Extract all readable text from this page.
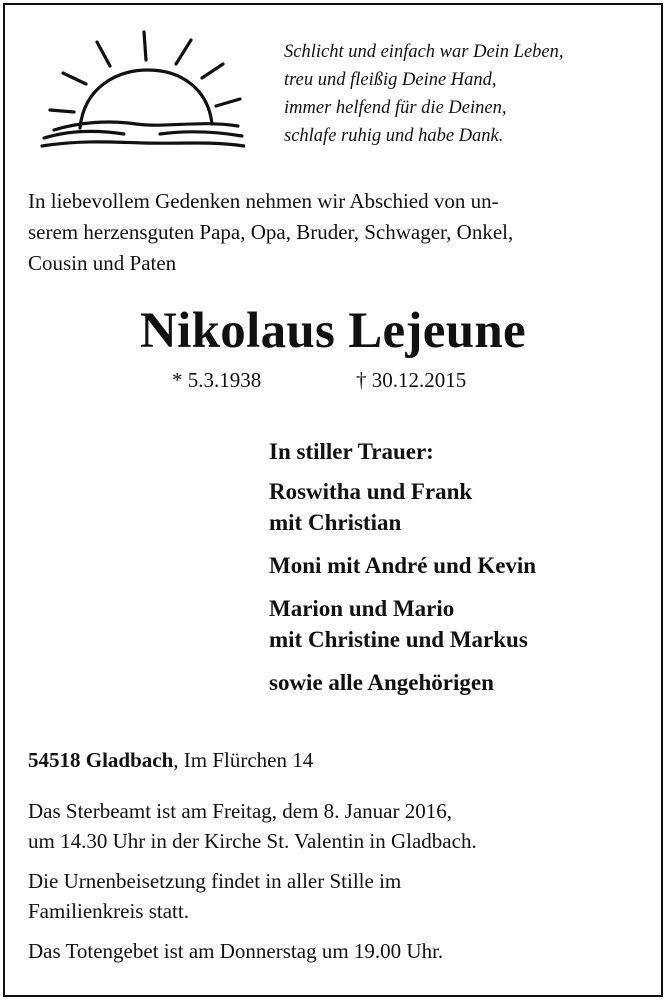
Schlicht und einfach war Dein Leben,
treu und fleißig Deine Hand,
immer helfend für die Deinen,
schlafe ruhig und habe Dank.
In liebevollem Gedenken nehmen wir Abschied von un-
serem herzensguten Papa, Opa, Bruder, Schwager, Onkel,
Cousin und Paten
Nikolaus Lejeune
* 5.3.1938	† 30.12.2015
In stiller Trauer:
Roswitha und Frank
mit Christian
Moni mit André und Kevin
Marion und Mario
mit Christine und Markus
sowie alle Angehörigen
54518 Gladbach, Im Flürchen 14
Das Sterbeamt ist am Freitag, dem 8. Januar 2016,
um 14.30 Uhr in der Kirche St. Valentin in Gladbach.
Die Urnenbeisetzung findet in aller Stille im
Familienkreis statt.
Das Totengebet ist am Donnerstag um 19.00 Uhr.
